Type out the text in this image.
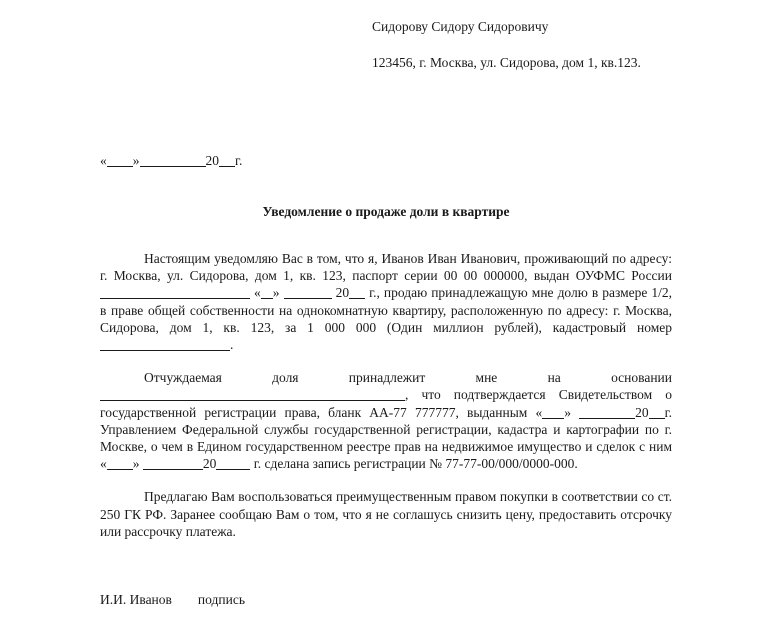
Сидорову Сидору Сидоровичу
123456, г. Москва, ул. Сидорова, дом 1, кв.123.
« »	20 г.
Уведомление о продаже доли в квартире

Настоящим уведомляю Вас в том, что я, Иванов Иван Иванович, проживающий по адресу: г. Москва, ул. Сидорова, дом 1, кв. 123, паспорт серии 00 00 000000, выдан ОУФМС России « »	20 г., продаю принадлежащую мне долю в размере 1/2, в праве общей собственности на однокомнатную квартиру, расположенную по адресу: г. Москва, Сидорова, дом 1, кв. 123, за 1 000 000 (Один миллион рублей), кадастровый номер .

Отчуждаемая доля принадлежит мне на основании , что подтверждается Свидетельством о государственной регистрации права, бланк АА-77 777777, выданным « »	20 г. Управлением Федеральной службы государственной регистрации, кадастра и картографии по г. Москве, о чем в Едином государственном реестре прав на недвижимое имущество и сделок с ним « »	20	г. сделана запись регистрации № 77-77-00/000/0000-000.

Предлагаю Вам воспользоваться преимущественным правом покупки в соответствии со ст. 250 ГК РФ. Заранее сообщаю Вам о том, что я не соглашусь снизить цену, предоставить отсрочку или рассрочку платежа.

И.И. Иванов подпись
